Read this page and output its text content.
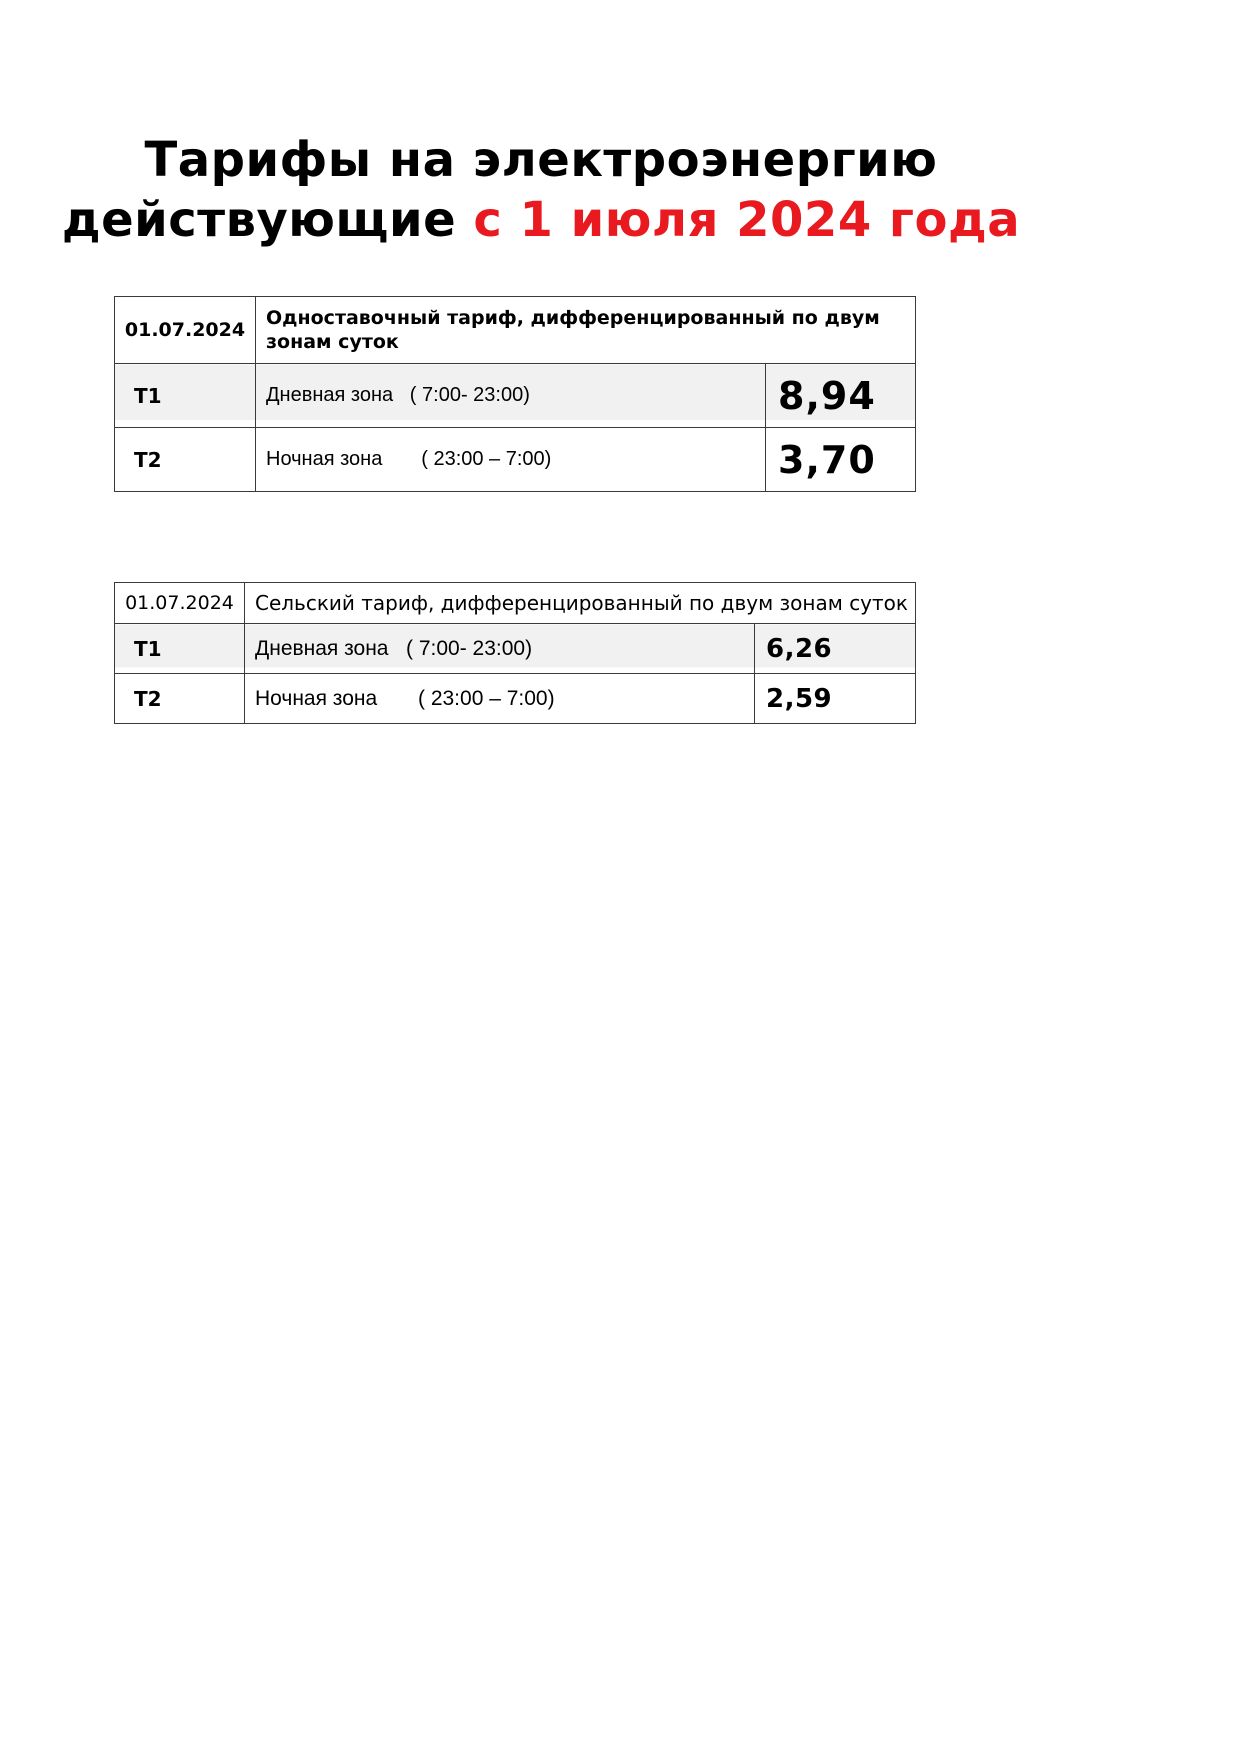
Тарифы на электроэнергию
действующие с 1 июля 2024 года
01.07.2024	Одноставочный тариф, дифференцированный по двум зонам суток	
Т1	Дневная зона   ( 7:00- 23:00)	8,94
Т2	Ночная зона       ( 23:00 – 7:00)	3,70
01.07.2024	Сельский тариф, дифференцированный по двум зонам суток	
Т1	Дневная зона   ( 7:00- 23:00)	6,26
Т2	Ночная зона       ( 23:00 – 7:00)	2,59
